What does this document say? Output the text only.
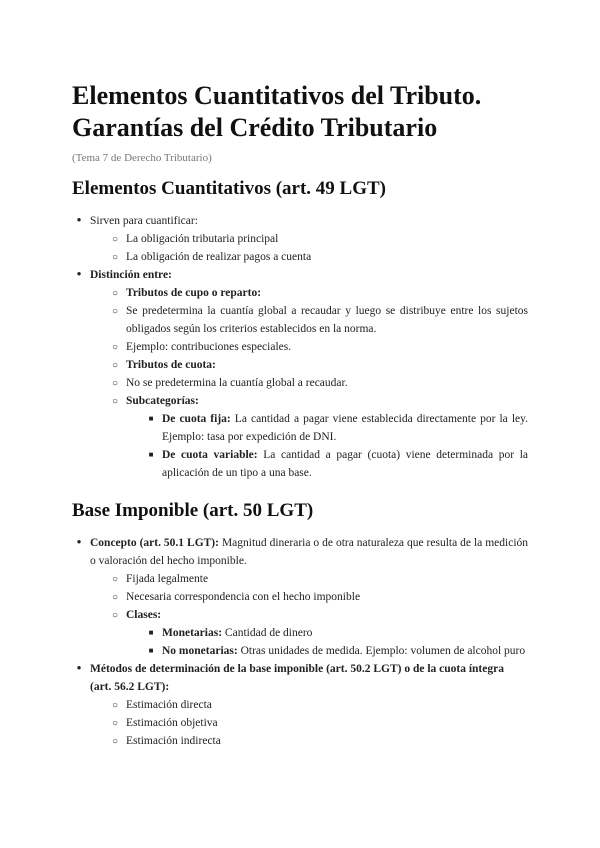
Elementos Cuantitativos del Tributo.
Garantías del Crédito Tributario
(Tema 7 de Derecho Tributario)
Elementos Cuantitativos (art. 49 LGT)
●
Sirven para cuantificar:
○
La obligación tributaria principal
○
La obligación de realizar pagos a cuenta
●
Distinción entre:
○
Tributos de cupo o reparto:
○
Se predetermina la cuantía global a recaudar y luego se distribuye entre los sujetos obligados según los criterios establecidos en la norma.
○
Ejemplo: contribuciones especiales.
○
Tributos de cuota:
○
No se predetermina la cuantía global a recaudar.
○
Subcategorías:
■
De cuota fija: La cantidad a pagar viene establecida directamente por la ley. Ejemplo: tasa por expedición de DNI.
■
De cuota variable: La cantidad a pagar (cuota) viene determinada por la aplicación de un tipo a una base.
Base Imponible (art. 50 LGT)
●
Concepto (art. 50.1 LGT): Magnitud dineraria o de otra naturaleza que resulta de la medición o valoración del hecho imponible.
○
Fijada legalmente
○
Necesaria correspondencia con el hecho imponible
○
Clases:
■
Monetarias: Cantidad de dinero
■
No monetarias: Otras unidades de medida. Ejemplo: volumen de alcohol puro
●
Métodos de determinación de la base imponible (art. 50.2 LGT) o de la cuota íntegra (art. 56.2 LGT):
○
Estimación directa
○
Estimación objetiva
○
Estimación indirecta
